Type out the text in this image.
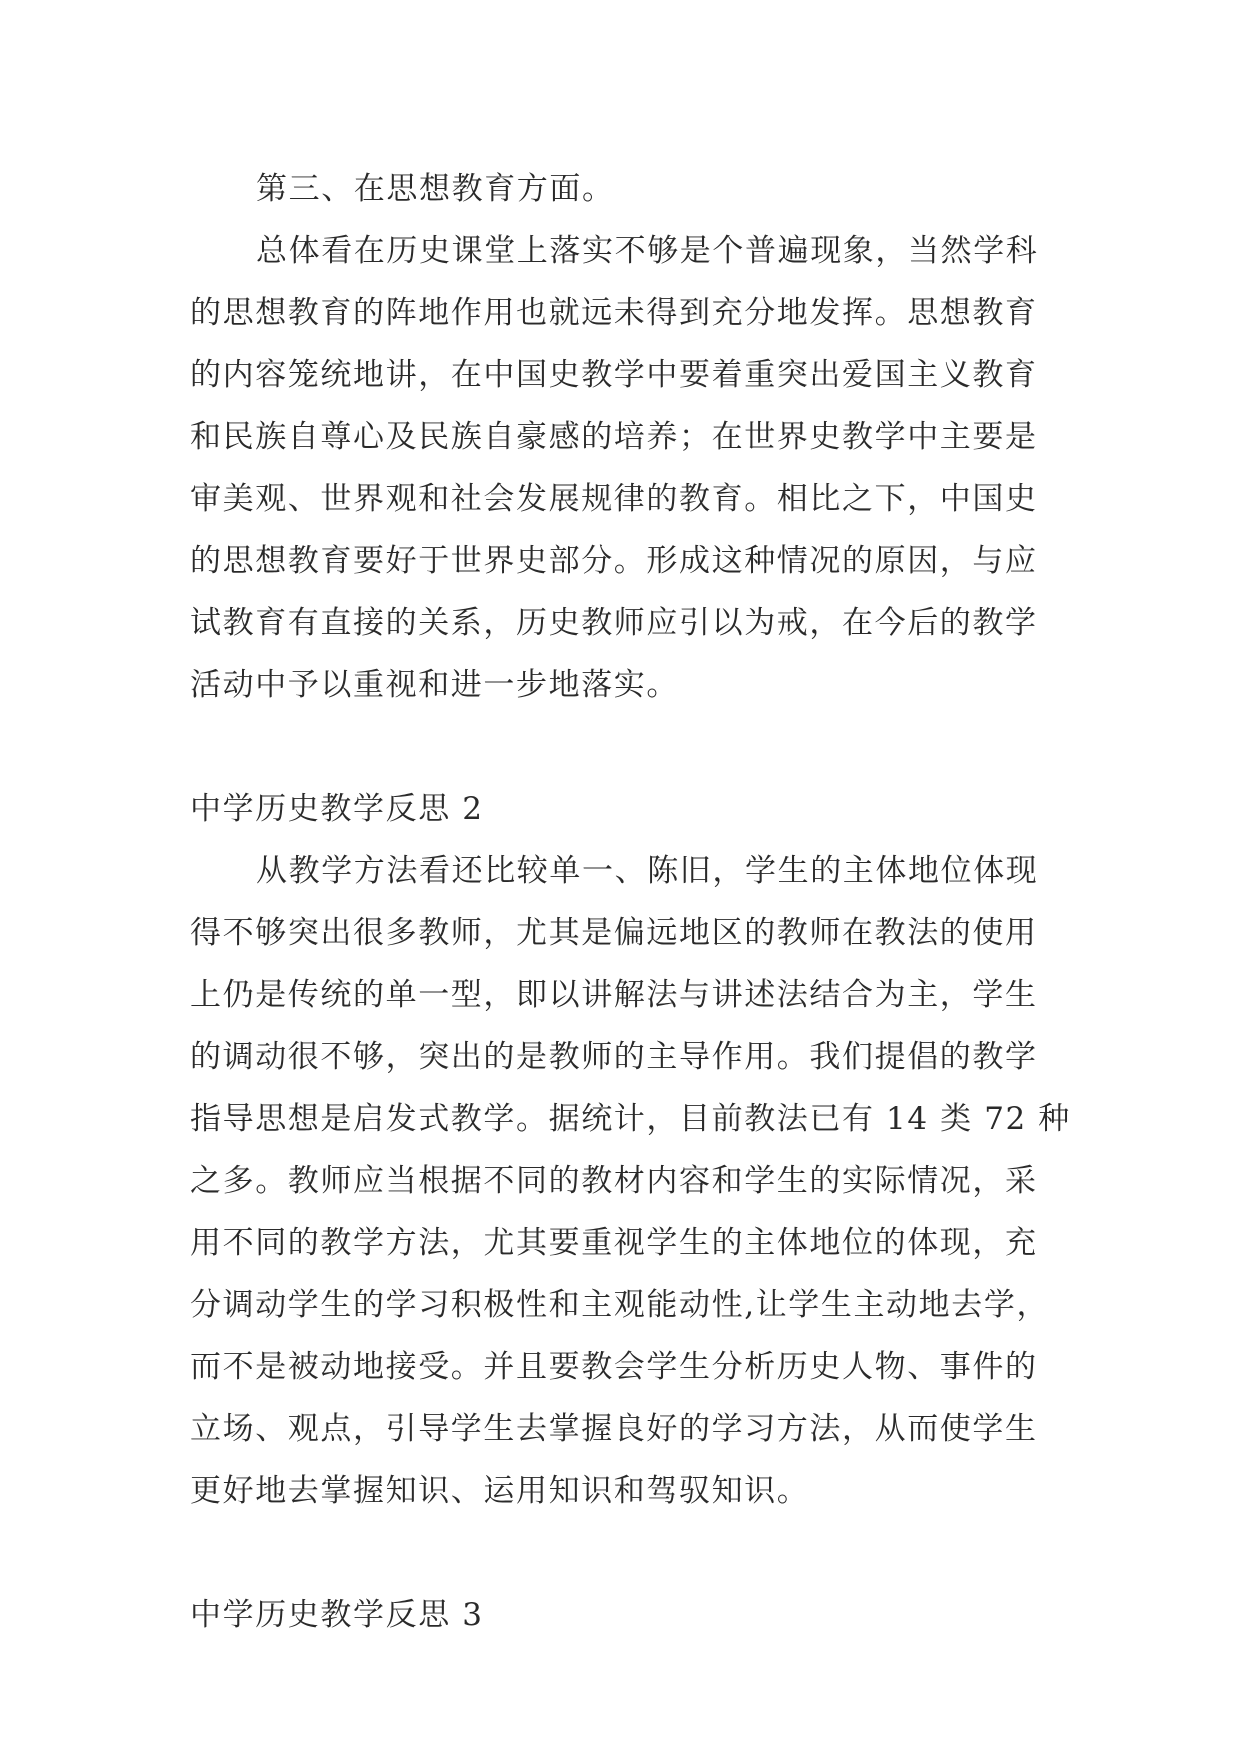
第三、在思想教育方面。
总体看在历史课堂上落实不够是个普遍现象，当然学科
的思想教育的阵地作用也就远未得到充分地发挥。思想教育
的内容笼统地讲，在中国史教学中要着重突出爱国主义教育
和民族自尊心及民族自豪感的培养；在世界史教学中主要是
审美观、世界观和社会发展规律的教育。相比之下，中国史
的思想教育要好于世界史部分。形成这种情况的原因，与应
试教育有直接的关系，历史教师应引以为戒，在今后的教学
活动中予以重视和进一步地落实。
中学历史教学反思 2
从教学方法看还比较单一、陈旧，学生的主体地位体现
得不够突出很多教师，尤其是偏远地区的教师在教法的使用
上仍是传统的单一型，即以讲解法与讲述法结合为主，学生
的调动很不够，突出的是教师的主导作用。我们提倡的教学
指导思想是启发式教学。据统计，目前教法已有 14 类 72 种
之多。教师应当根据不同的教材内容和学生的实际情况，采
用不同的教学方法，尤其要重视学生的主体地位的体现，充
分调动学生的学习积极性和主观能动性,让学生主动地去学，
而不是被动地接受。并且要教会学生分析历史人物、事件的
立场、观点，引导学生去掌握良好的学习方法，从而使学生
更好地去掌握知识、运用知识和驾驭知识。
中学历史教学反思 3
